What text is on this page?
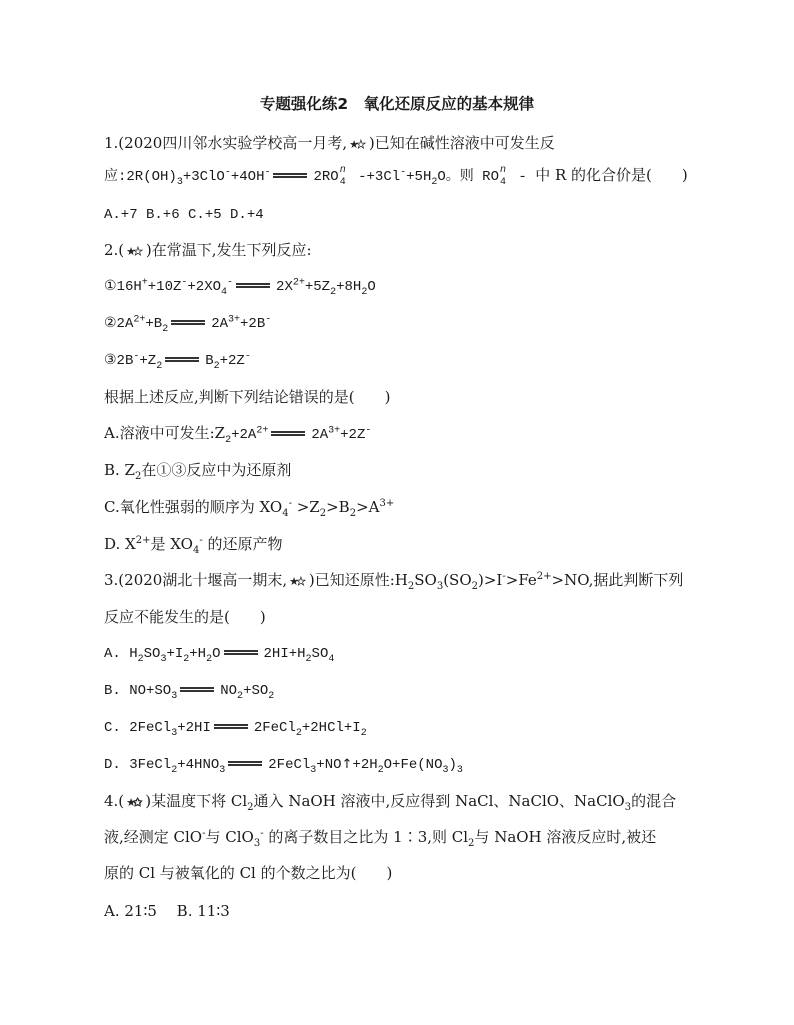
专题强化练2　氧化还原反应的基本规律
1.(2020四川邻水实验学校高一月考, ★★ )已知在碱性溶液中可发生反
应$:2R(OH)_3+3ClO^-+4OH^-$	2RO n
4 $-+3Cl^-+5H_2O$。则 RO n
4 - 中 R 的化合价是(　　)
A.+7 B.+6 C.+5 D.+4
2.( ★★ )在常温下,发生下列反应:
$①16H^++10Z^-+2XO_4^-$	$2X^{2+}+5Z_2+8H_2O$
$②2A^{2+}+B_2$	$2A^{3+}+2B^-$
$③2B^-+Z_2$	$B_2+2Z^-$
根据上述反应,判断下列结论错误的是(　　)
A.溶液中可发生$:Z_2+2A^{2+}$	$2A^{3+}+2Z^-$
B. $Z_2$在①③反应中为还原剂
C.氧化性强弱的顺序为 $XO_4^- >Z_2>B_2>A^{3+}$
D. $X^{2+}$是 $XO_4^-$ 的还原产物
3.(2020湖北十堰高一期末, ★★ )已知还原性$:H_2SO_3(SO_2)>I^->Fe^{2+}>NO$,据此判断下列
反应不能发生的是(　　)
A. $H_2SO_3+I_2+H_2O$	$2HI+H_2SO_4$
B. $NO+SO_3$	$NO_2+SO_2$
C. 2FeCl$_3$+2HI	$2FeCl_2+2HCl+I_2$
D. $3FeCl_2+4HNO_3$	$2FeCl_3+NO↑+2H_2O+Fe(NO_3)_3$
4.( ★✩ )某温度下将 $Cl_2$通入 NaOH 溶液中,反应得到 NaCl、NaClO、NaClO$_3$的混合
液,经测定 ClO-与 ClO$_3$- 的离子数目之比为 1∶3,则 $Cl_2$与 NaOH 溶液反应时,被还
原的 Cl 与被氧化的 Cl 的个数之比为(　　)
A. 21∶5　 B. 11∶3
